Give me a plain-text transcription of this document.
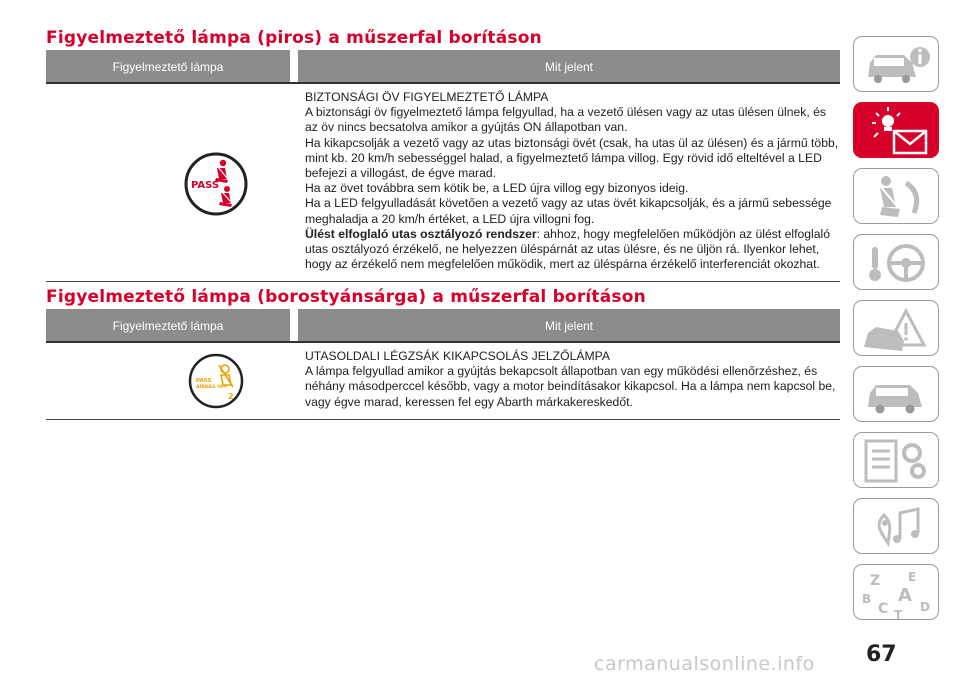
Figyelmeztető lámpa (piros) a műszerfal borításon
Figyelmeztető lámpa	Mit jelent
PASS

BIZTONSÁGI ÖV FIGYELMEZTETŐ LÁMPA

A biztonsági öv figyelmeztető lámpa felgyullad, ha a vezető ülésen vagy az utas ülésen ülnek, és az öv nincs becsatolva amikor a gyújtás ON állapotban van.

Ha kikapcsolják a vezető vagy az utas biztonsági övét (csak, ha utas ül az ülésen) és a jármű több, mint kb. 20 km/h sebességgel halad, a figyelmeztető lámpa villog. Egy rövid idő elteltével a LED befejezi a villogást, de égve marad.

Ha az övet továbbra sem kötik be, a LED újra villog egy bizonyos ideig.

Ha a LED felgyulladását követően a vezető vagy az utas övét kikapcsolják, és a jármű sebessége meghaladja a 20 km/h értéket, a LED újra villogni fog.

Ülést elfoglaló utas osztályozó rendszer: ahhoz, hogy megfelelően működjön az ülést elfoglaló utas osztályozó érzékelő, ne helyezzen üléspárnát az utas ülésre, és ne üljön rá. Ilyenkor lehet, hogy az érzékelő nem megfelelően működik, mert az üléspárna érzékelő interferenciát okozhat.

Figyelmeztető lámpa (borostyánsárga) a műszerfal borításon
Figyelmeztető lámpa	Mit jelent
PASS
AIRBAG OFF
2

UTASOLDALI LÉGZSÁK KIKAPCSOLÁS JELZŐLÁMPA

A lámpa felgyullad amikor a gyújtás bekapcsolt állapotban van egy működési ellenőrzéshez, és néhány másodperccel később, vagy a motor beindításakor kikapcsol. Ha a lámpa nem kapcsol be, vagy égve marad, keressen fel egy Abarth márkakereskedőt.

Z E
B A
C	D
T
67
carmanualsonline.info
